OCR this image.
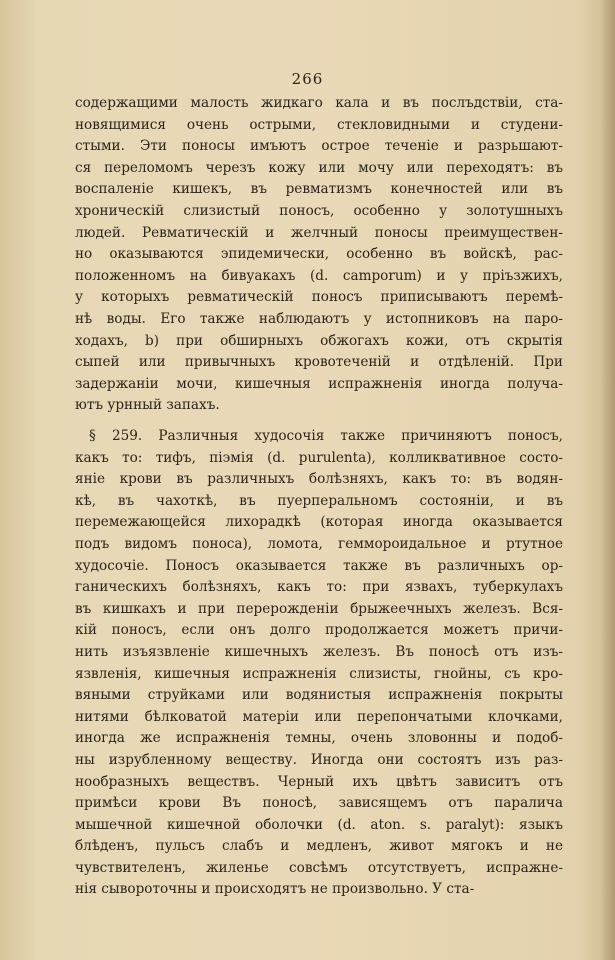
266
содержащими малость жидкаго кала и въ послъдствіи, ста-
новящимися очень острыми, стекловидными и студени-
стыми. Эти поносы имъютъ острое теченіе и разрьшают-
ся переломомъ черезъ кожу или мочу или переходятъ: въ
воспаленіе кишекъ, въ ревматизмъ конечностей или въ
хроническій слизистый поносъ, особенно у золотушныхъ
людей. Ревматическій и желчный поносы преимуществен-
но оказываются эпидемически, особенно въ войскѣ, рас-
положенномъ на бивуакахъ (d. camporum) и у пріъзжихъ,
у которыхъ ревматическій поносъ приписываютъ перемѣ-
нѣ воды. Его также наблюдаютъ у истопниковъ на паро-
ходахъ, b) при обширныхъ обжогахъ кожи, отъ скрытія
сыпей или привычныхъ кровотеченій и отдѣленій. При
задержаніи мочи, кишечныя испражненія иногда получа-
ютъ урнный запахъ.
§ 259. Различныя худосочія также причиняютъ поносъ,
какъ то: тифъ, піэмія (d. purulenta), колликвативное состо-
яніе крови въ различныхъ болѣзняхъ, какъ то: въ водян-
кѣ, въ чахоткѣ, въ пуерперальномъ состояніи, и въ
перемежающейся лихорадкѣ (которая иногда оказывается
подъ видомъ поноса), ломота, геммороидальное и ртутное
худосочіе. Поносъ оказывается также въ различныхъ ор-
ганическихъ болѣзняхъ, какъ то: при язвахъ, туберкулахъ
въ кишкахъ и при перерожденіи брыжеечныхъ железъ. Вся-
кій поносъ, если онъ долго продолжается можетъ причи-
нить изъязвленіе кишечныхъ железъ. Въ поносѣ отъ изъ-
язвленія, кишечныя испражненія слизисты, гнойны, съ кро-
вяными струйками или водянистыя испражненія покрыты
нитями бѣлковатой матеріи или перепончатыми клочками,
иногда же испражненія темны, очень зловонны и подоб-
ны изрубленному веществу. Иногда они состоятъ изъ раз-
нообразныхъ веществъ. Черный ихъ цвѣтъ зависитъ отъ
примѣси крови Въ поносѣ, зависящемъ отъ паралича
мышечной кишечной оболочки (d. aton. s. paralyt): языкъ
блѣденъ, пульсъ слабъ и медленъ, живот мягокъ и не
чувствителенъ, жиленье совсѣмъ отсутствуетъ, испражне-
нія сывороточны и происходятъ не произвольно. У ста-
